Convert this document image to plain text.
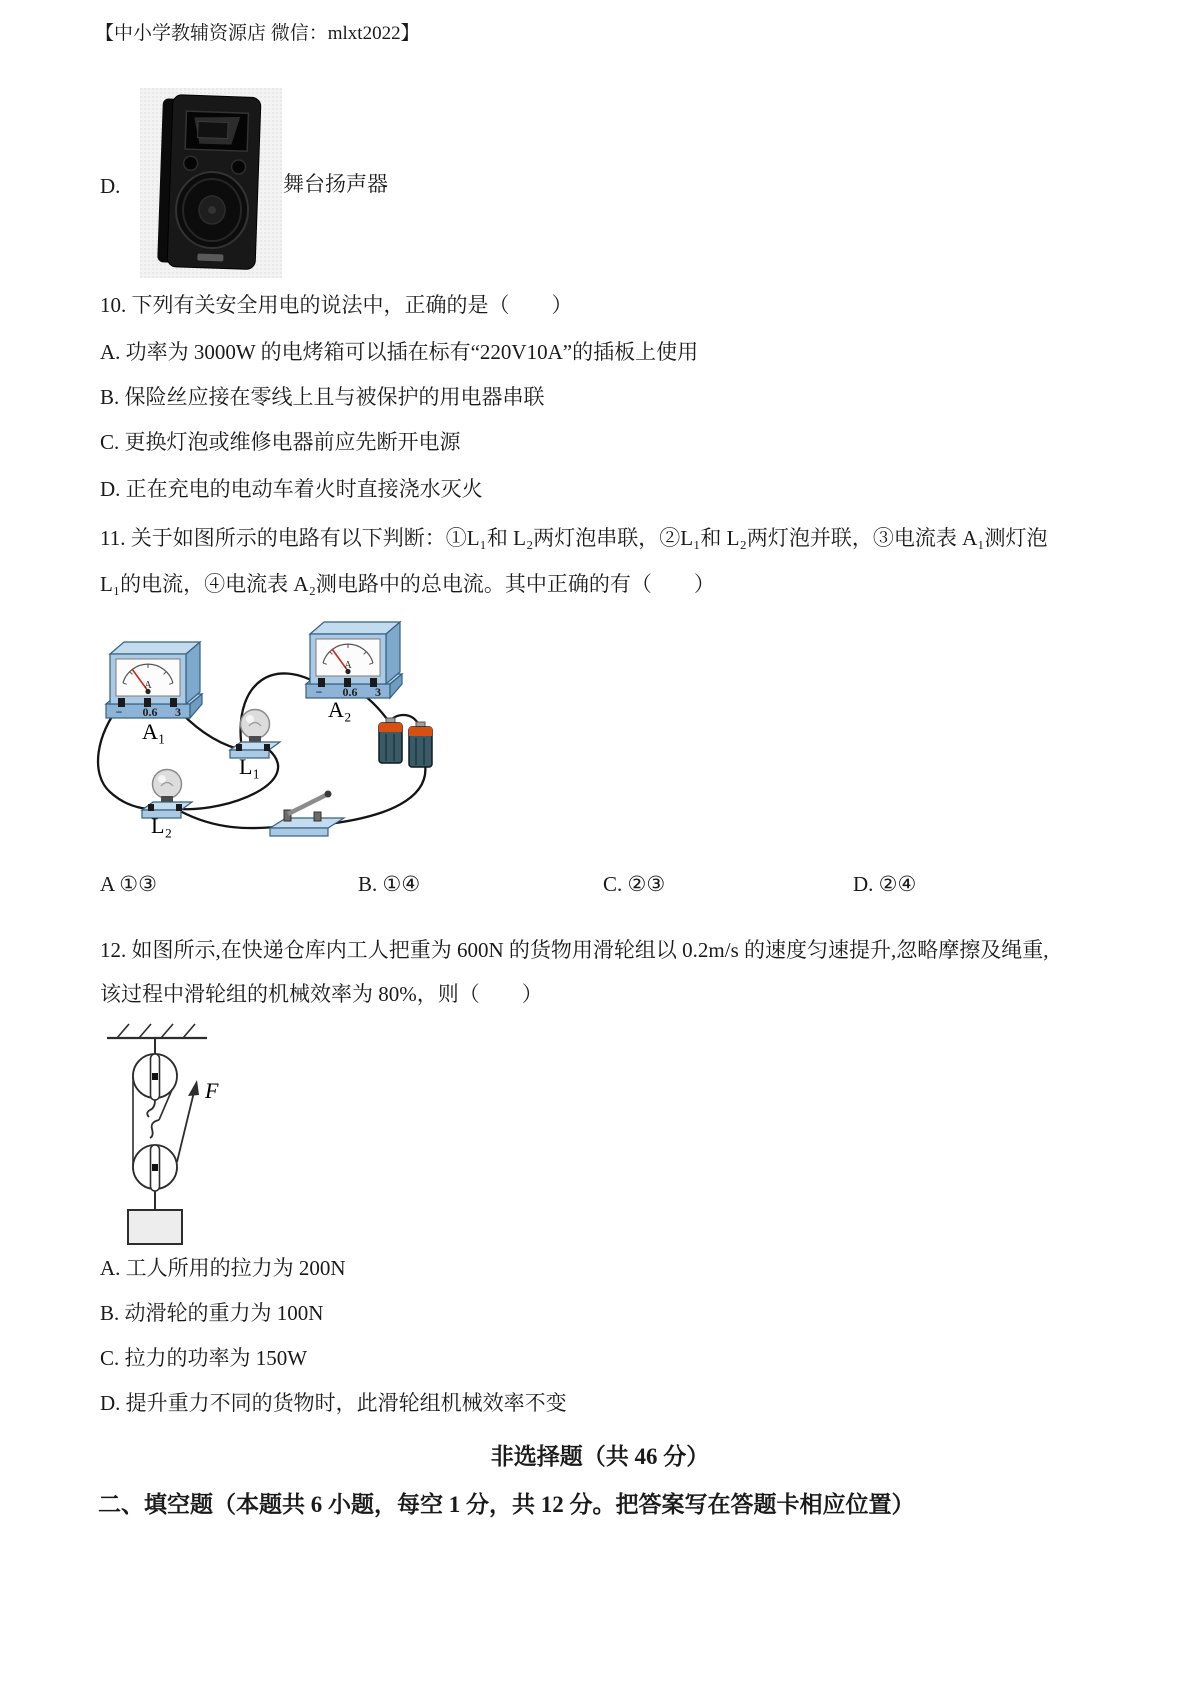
【中小学教辅资源店 微信：mlxt2022】
D.	舞台扬声器
10. 下列有关安全用电的说法中，正确的是（　　）
A. 功率为 3000W 的电烤箱可以插在标有“220V10A”的插板上使用
B. 保险丝应接在零线上且与被保护的用电器串联
C. 更换灯泡或维修电器前应先断开电源
D. 正在充电的电动车着火时直接浇水灭火
11. 关于如图所示的电路有以下判断：①L₁和 L₂两灯泡串联，②L₁和 L₂两灯泡并联，③电流表 A₁测灯泡
L₁的电流，④电流表 A₂测电路中的总电流。其中正确的有（　　）
−
A₁
A₂
L₁
L₂
A ①③	B. ①④	C. ②③	D. ②④
12. 如图所示,在快递仓库内工人把重为 600N 的货物用滑轮组以 0.2m/s 的速度匀速提升,忽略摩擦及绳重,
该过程中滑轮组的机械效率为 80%，则（　　）
F
A. 工人所用的拉力为 200N
B. 动滑轮的重力为 100N
C. 拉力的功率为 150W
D. 提升重力不同的货物时，此滑轮组机械效率不变
非选择题（共 46 分）
二、填空题（本题共 6 小题，每空 1 分，共 12 分。把答案写在答题卡相应位置）
